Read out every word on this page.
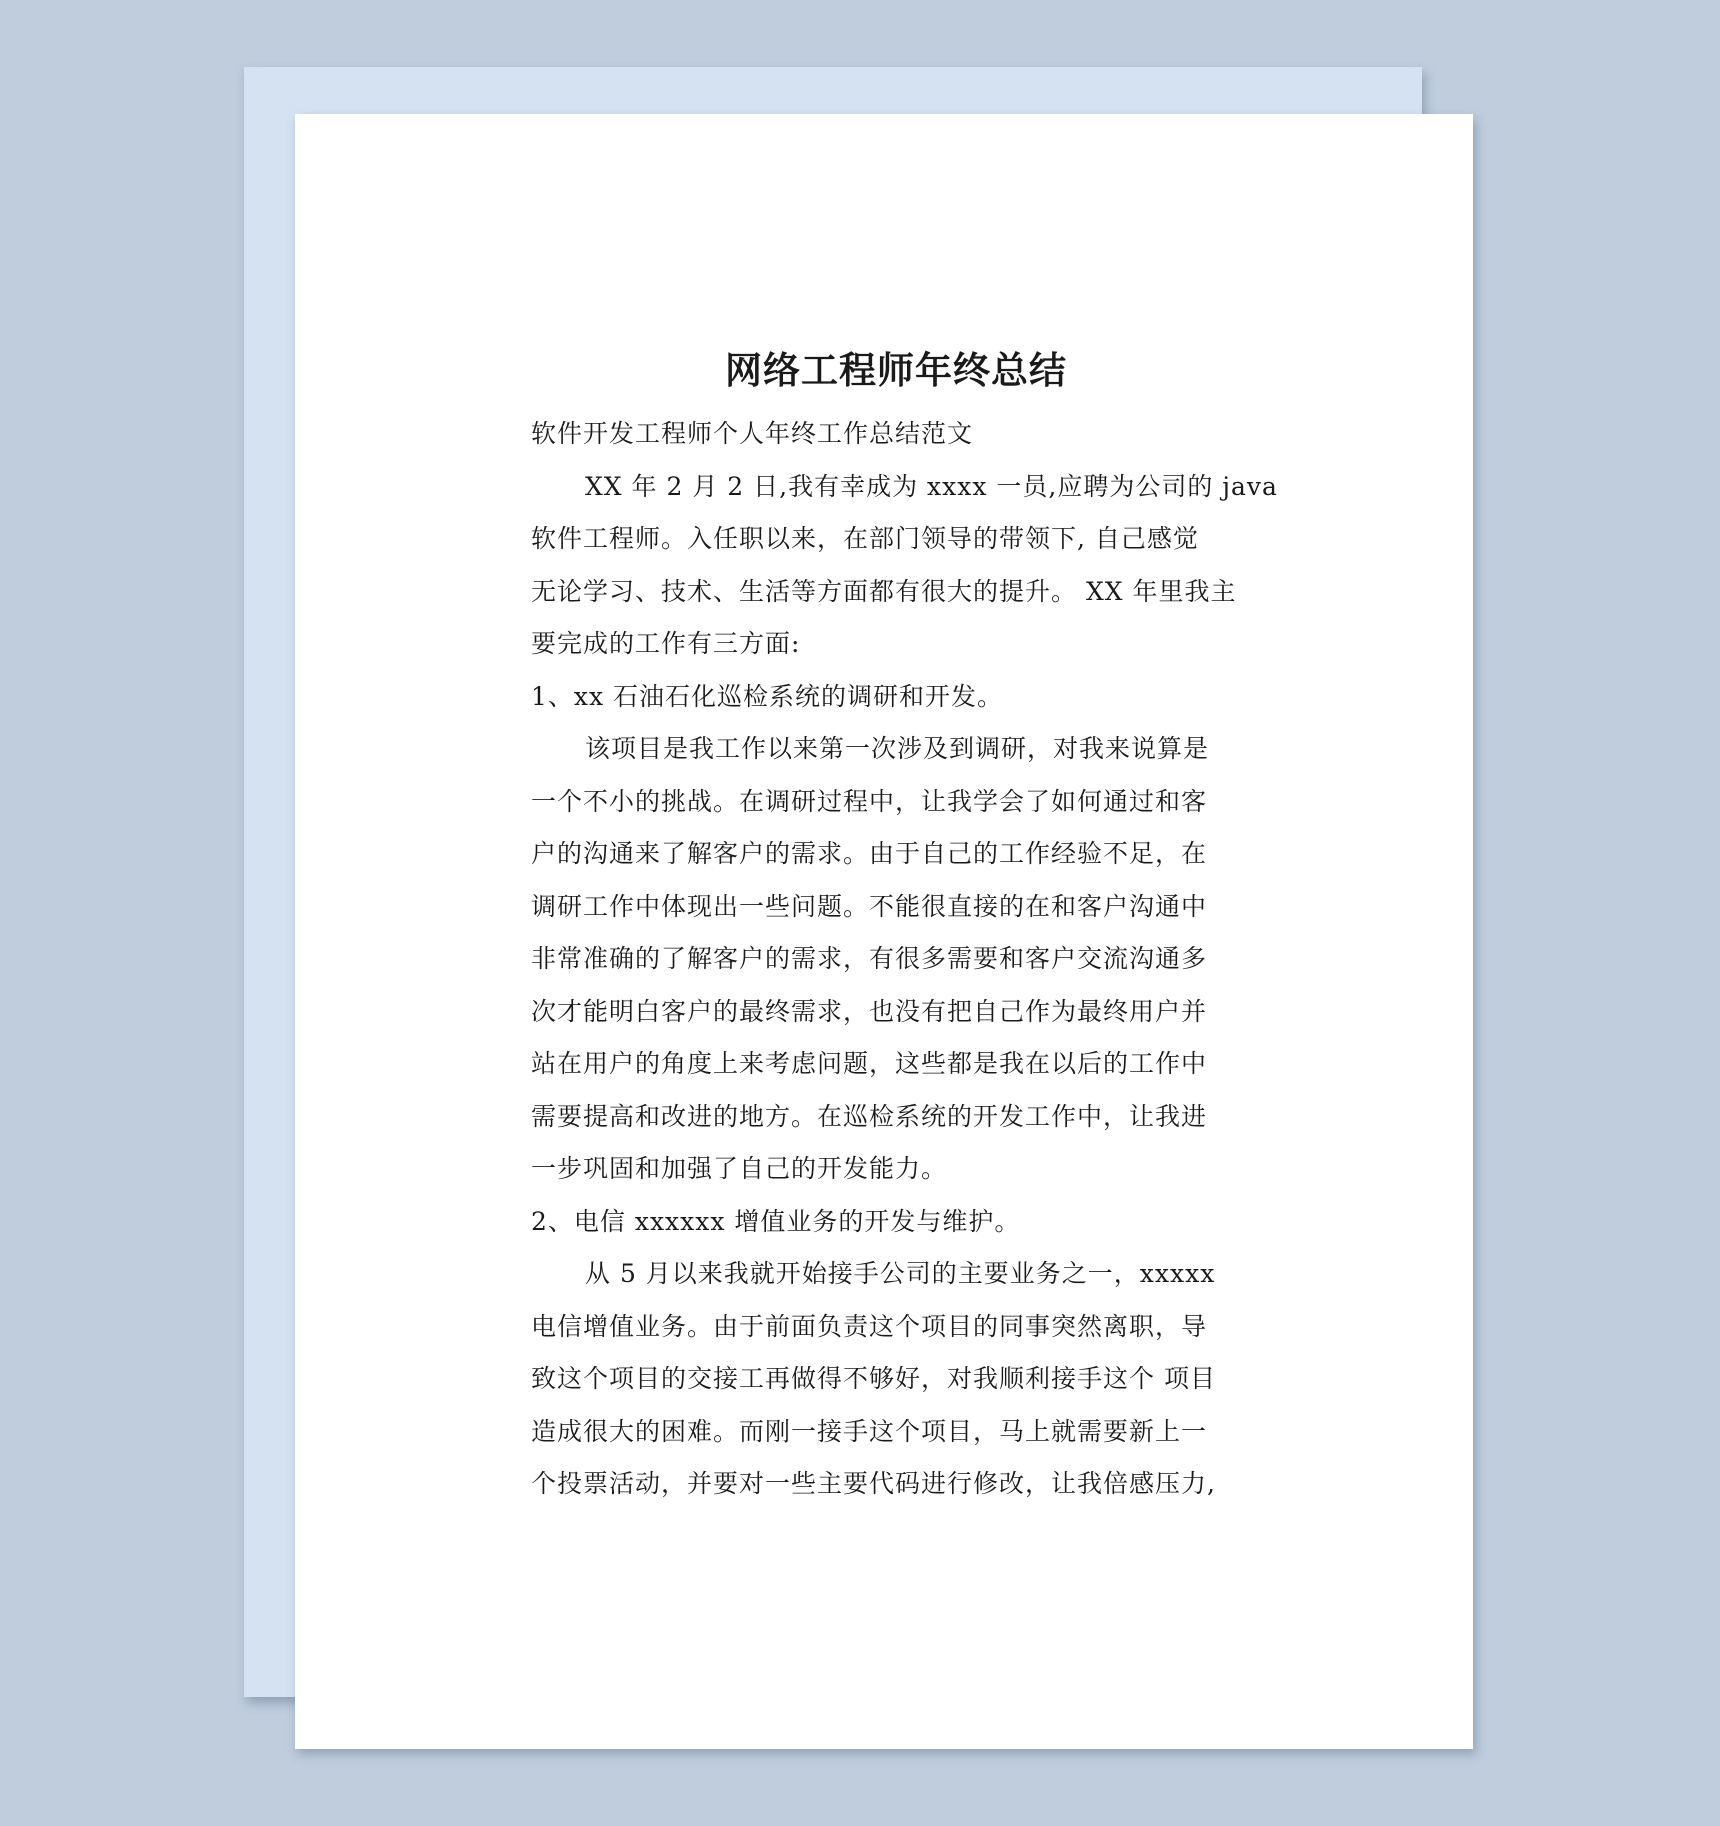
网络工程师年终总结

软件开发工程师个人年终工作总结范文

XX 年 2 月 2 日,我有幸成为 xxxx 一员,应聘为公司的 java

软件工程师。入任职以来，在部门领导的带领下, 自己感觉

无论学习、技术、生活等方面都有很大的提升。 XX 年里我主

要完成的工作有三方面:

1、xx 石油石化巡检系统的调研和开发。

该项目是我工作以来第一次涉及到调研，对我来说算是

一个不小的挑战。在调研过程中，让我学会了如何通过和客

户的沟通来了解客户的需求。由于自己的工作经验不足，在

调研工作中体现出一些问题。不能很直接的在和客户沟通中

非常准确的了解客户的需求，有很多需要和客户交流沟通多

次才能明白客户的最终需求，也没有把自己作为最终用户并

站在用户的角度上来考虑问题，这些都是我在以后的工作中

需要提高和改进的地方。在巡检系统的开发工作中，让我进

一步巩固和加强了自己的开发能力。

2、电信 xxxxxx 增值业务的开发与维护。

从 5 月以来我就开始接手公司的主要业务之一，xxxxx

电信增值业务。由于前面负责这个项目的同事突然离职，导

致这个项目的交接工再做得不够好，对我顺利接手这个 项目

造成很大的困难。而刚一接手这个项目，马上就需要新上一

个投票活动，并要对一些主要代码进行修改，让我倍感压力,
